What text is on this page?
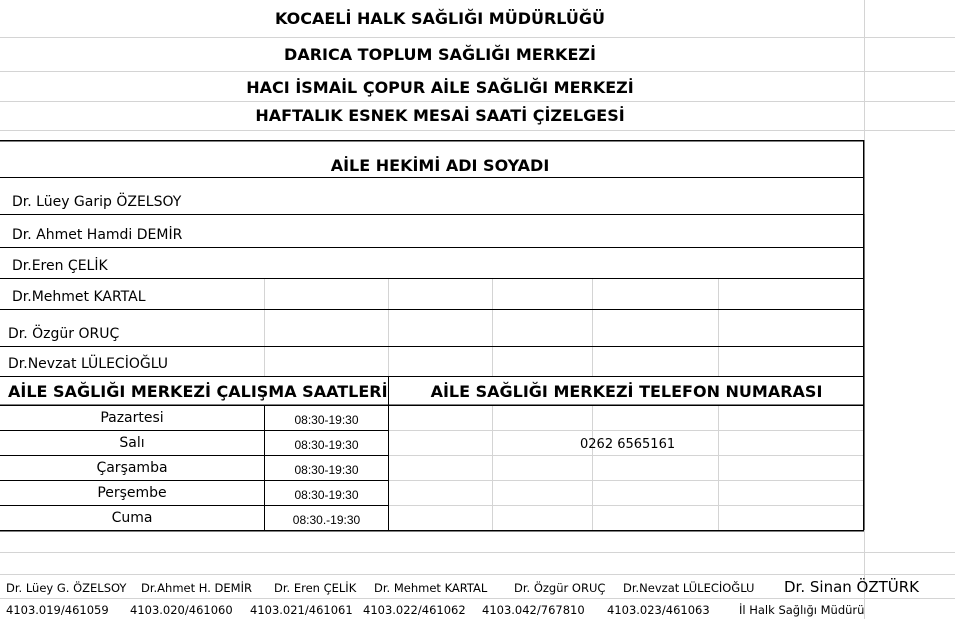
KOCAELİ HALK SAĞLIĞI MÜDÜRLÜĞÜ
DARICA TOPLUM SAĞLIĞI MERKEZİ
HACI İSMAİL ÇOPUR AİLE SAĞLIĞI MERKEZİ
HAFTALIK ESNEK MESAİ SAATİ ÇİZELGESİ
AİLE HEKİMİ ADI SOYADI
Dr. Lüey Garip ÖZELSOY
Dr. Ahmet Hamdi DEMİR
Dr.Eren ÇELİK
Dr.Mehmet KARTAL
Dr. Özgür ORUÇ
Dr.Nevzat LÜLECİOĞLU
AİLE SAĞLIĞI MERKEZİ ÇALIŞMA SAATLERİ	AİLE SAĞLIĞI MERKEZİ TELEFON NUMARASI
Pazartesi	08:30-19:30
Salı	08:30-19:30
Çarşamba	08:30-19:30
Perşembe	08:30-19:30
Cuma	08:30.-19:30
0262 6565161
Dr. Lüey G. ÖZELSOY Dr.Ahmet H. DEMİR Dr. Eren ÇELİK Dr. Mehmet KARTAL Dr. Özgür ORUÇ Dr.Nevzat LÜLECİOĞLU Dr. Sinan ÖZTÜRK
4103.019/461059 4103.020/461060 4103.021/461061 4103.022/461062 4103.042/767810 4103.023/461063	İl Halk Sağlığı Müdürü
